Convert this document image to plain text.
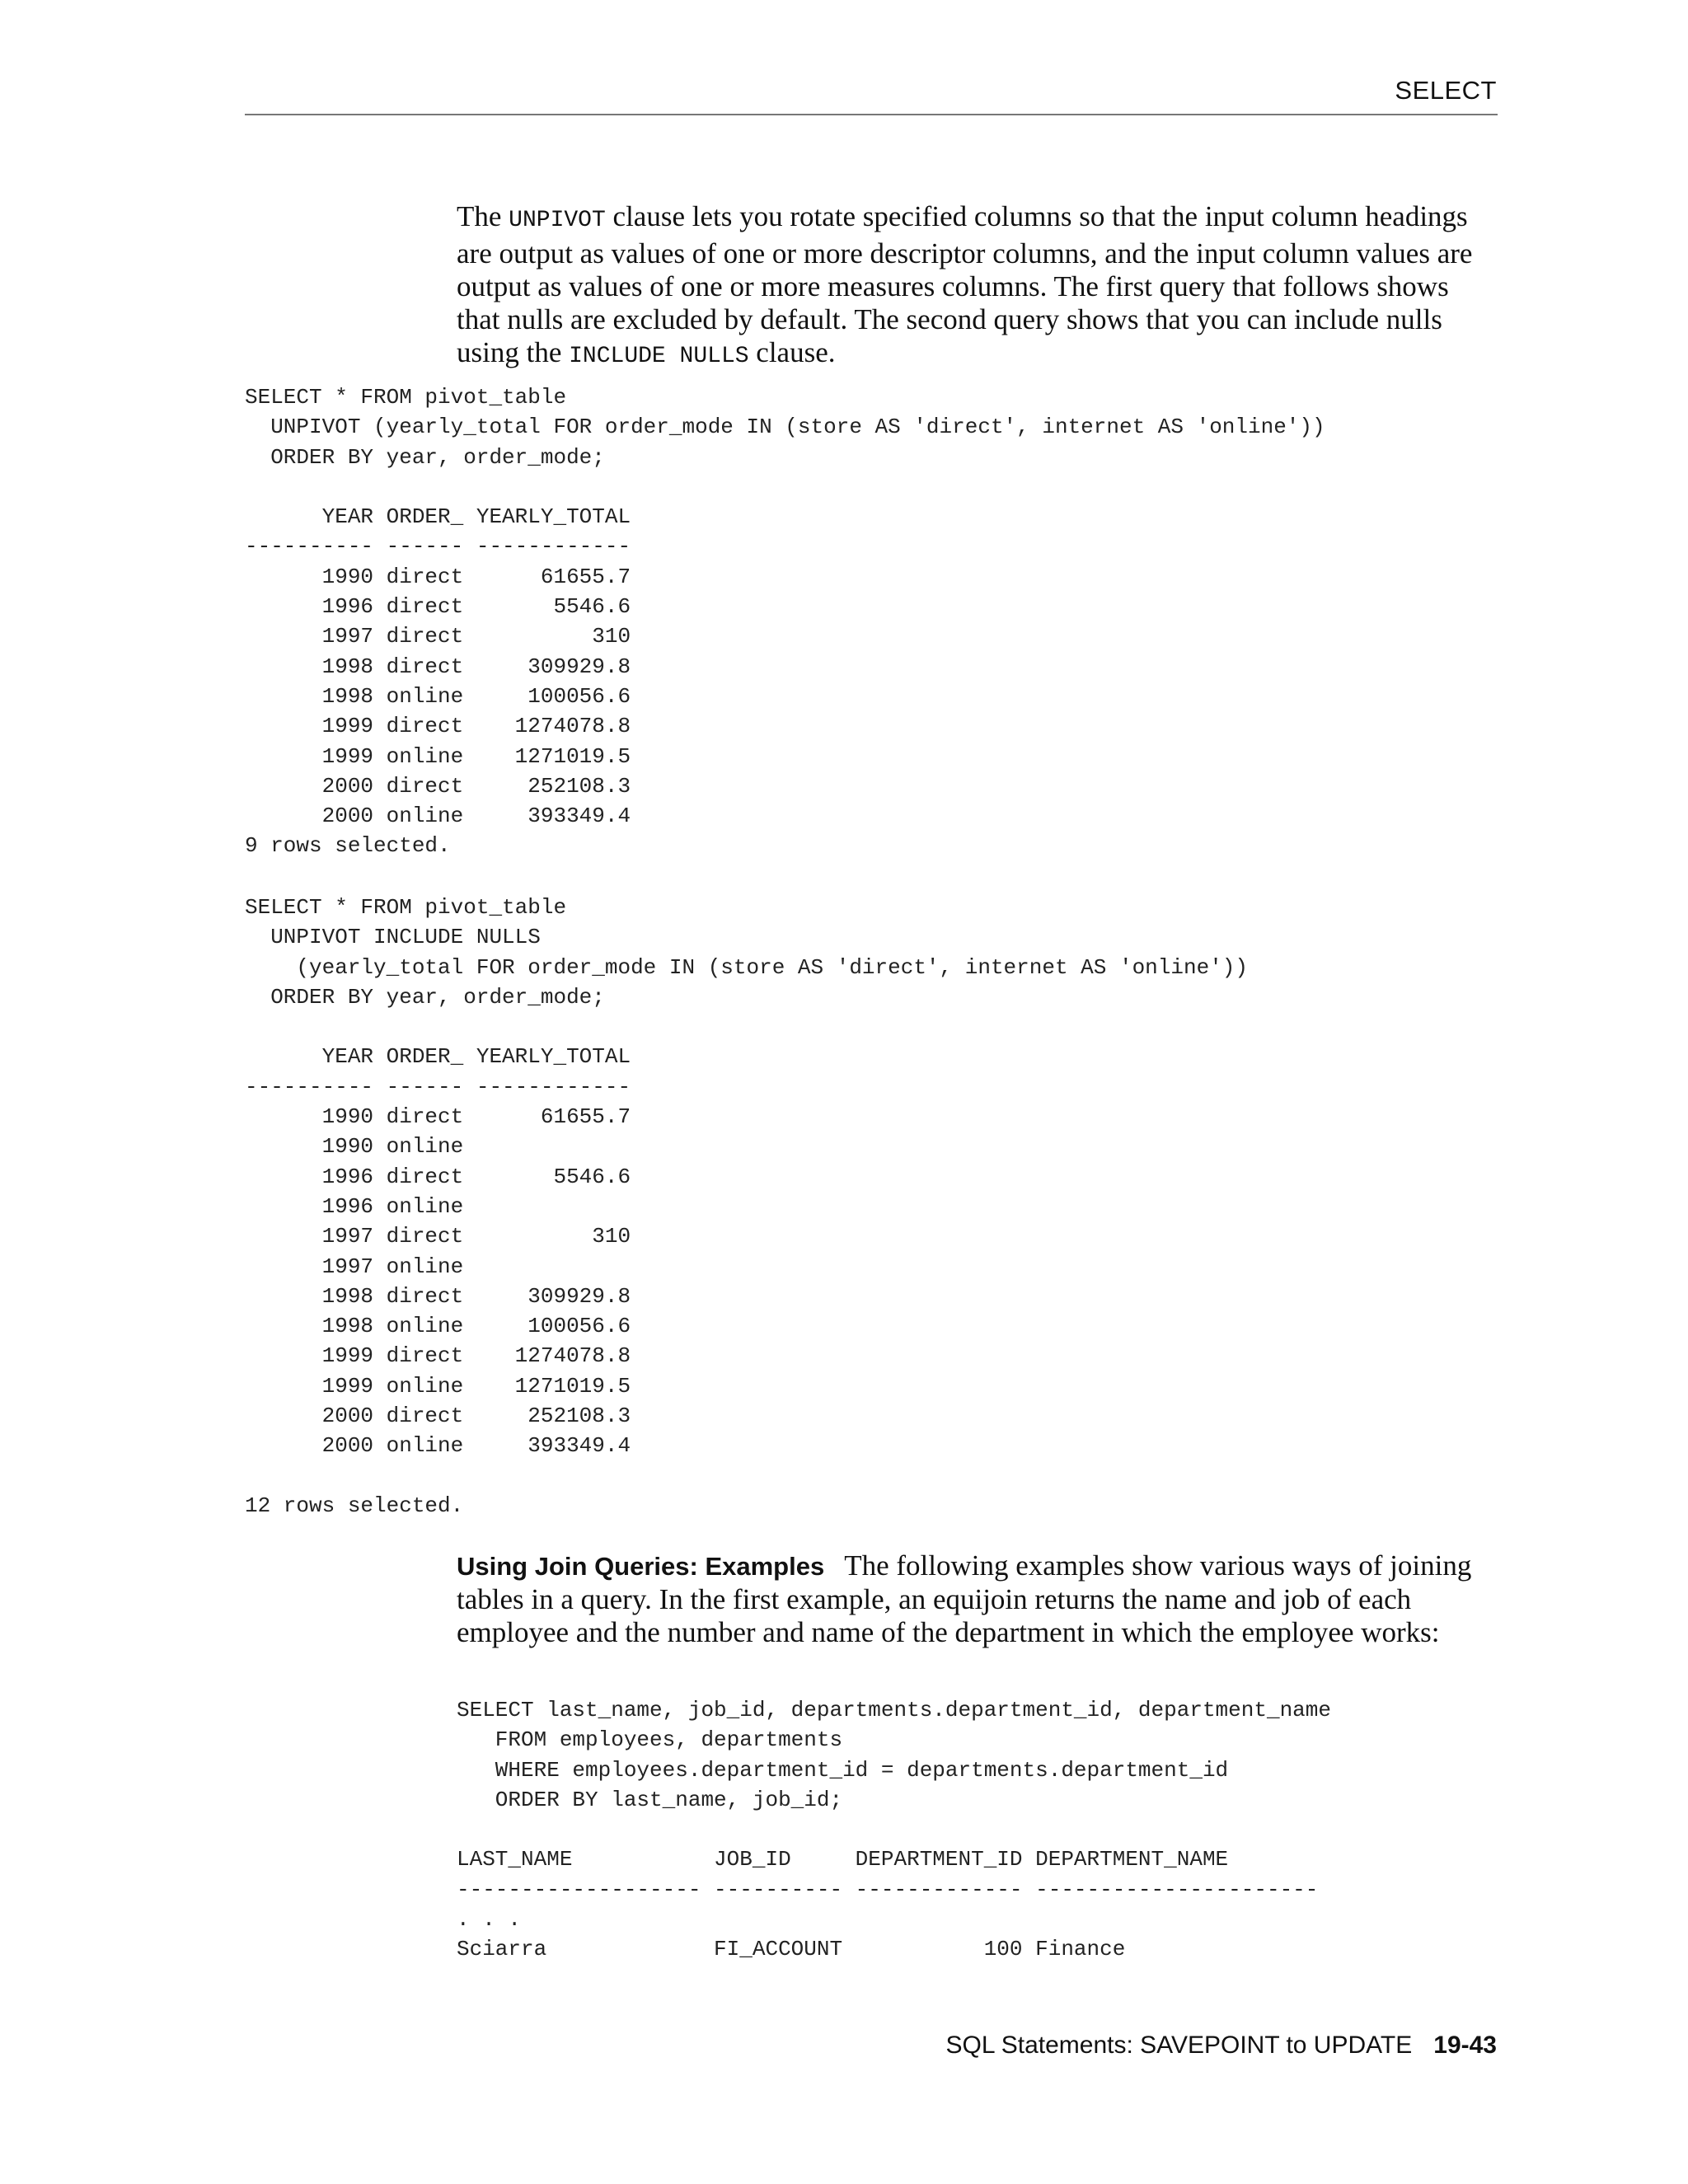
SELECT

The UNPIVOT clause lets you rotate specified columns so that the input column headings are output as values of one or more descriptor columns, and the input column values are output as values of one or more measures columns. The first query that follows shows that nulls are excluded by default. The second query shows that you can include nulls using the INCLUDE NULLS clause.

SELECT * FROM pivot_table
UNPIVOT (yearly_total FOR order_mode IN (store AS 'direct', internet AS 'online'))
ORDER BY year, order_mode;

YEAR ORDER_ YEARLY_TOTAL
---------- ------ ------------
1990 direct      61655.7
1996 direct       5546.6
1997 direct          310
1998 direct     309929.8
1998 online     100056.6
1999 direct    1274078.8
1999 online    1271019.5
2000 direct     252108.3
2000 online     393349.4
9 rows selected.
SELECT * FROM pivot_table
UNPIVOT INCLUDE NULLS
(yearly_total FOR order_mode IN (store AS 'direct', internet AS 'online'))
ORDER BY year, order_mode;

YEAR ORDER_ YEARLY_TOTAL
---------- ------ ------------
1990 direct      61655.7
1990 online
1996 direct       5546.6
1996 online
1997 direct          310
1997 online
1998 direct     309929.8
1998 online     100056.6
1999 direct    1274078.8
1999 online    1271019.5
2000 direct     252108.3
2000 online     393349.4

12 rows selected.

Using Join Queries: Examples The following examples show various ways of joining tables in a query. In the first example, an equijoin returns the name and job of each employee and the number and name of the department in which the employee works:

SELECT last_name, job_id, departments.department_id, department_name
FROM employees, departments
WHERE employees.department_id = departments.department_id
ORDER BY last_name, job_id;

LAST_NAME           JOB_ID     DEPARTMENT_ID DEPARTMENT_NAME
------------------- ---------- ------------- ----------------------
. . .
Sciarra             FI_ACCOUNT           100 Finance
SQL Statements: SAVEPOINT to UPDATE 19-43
